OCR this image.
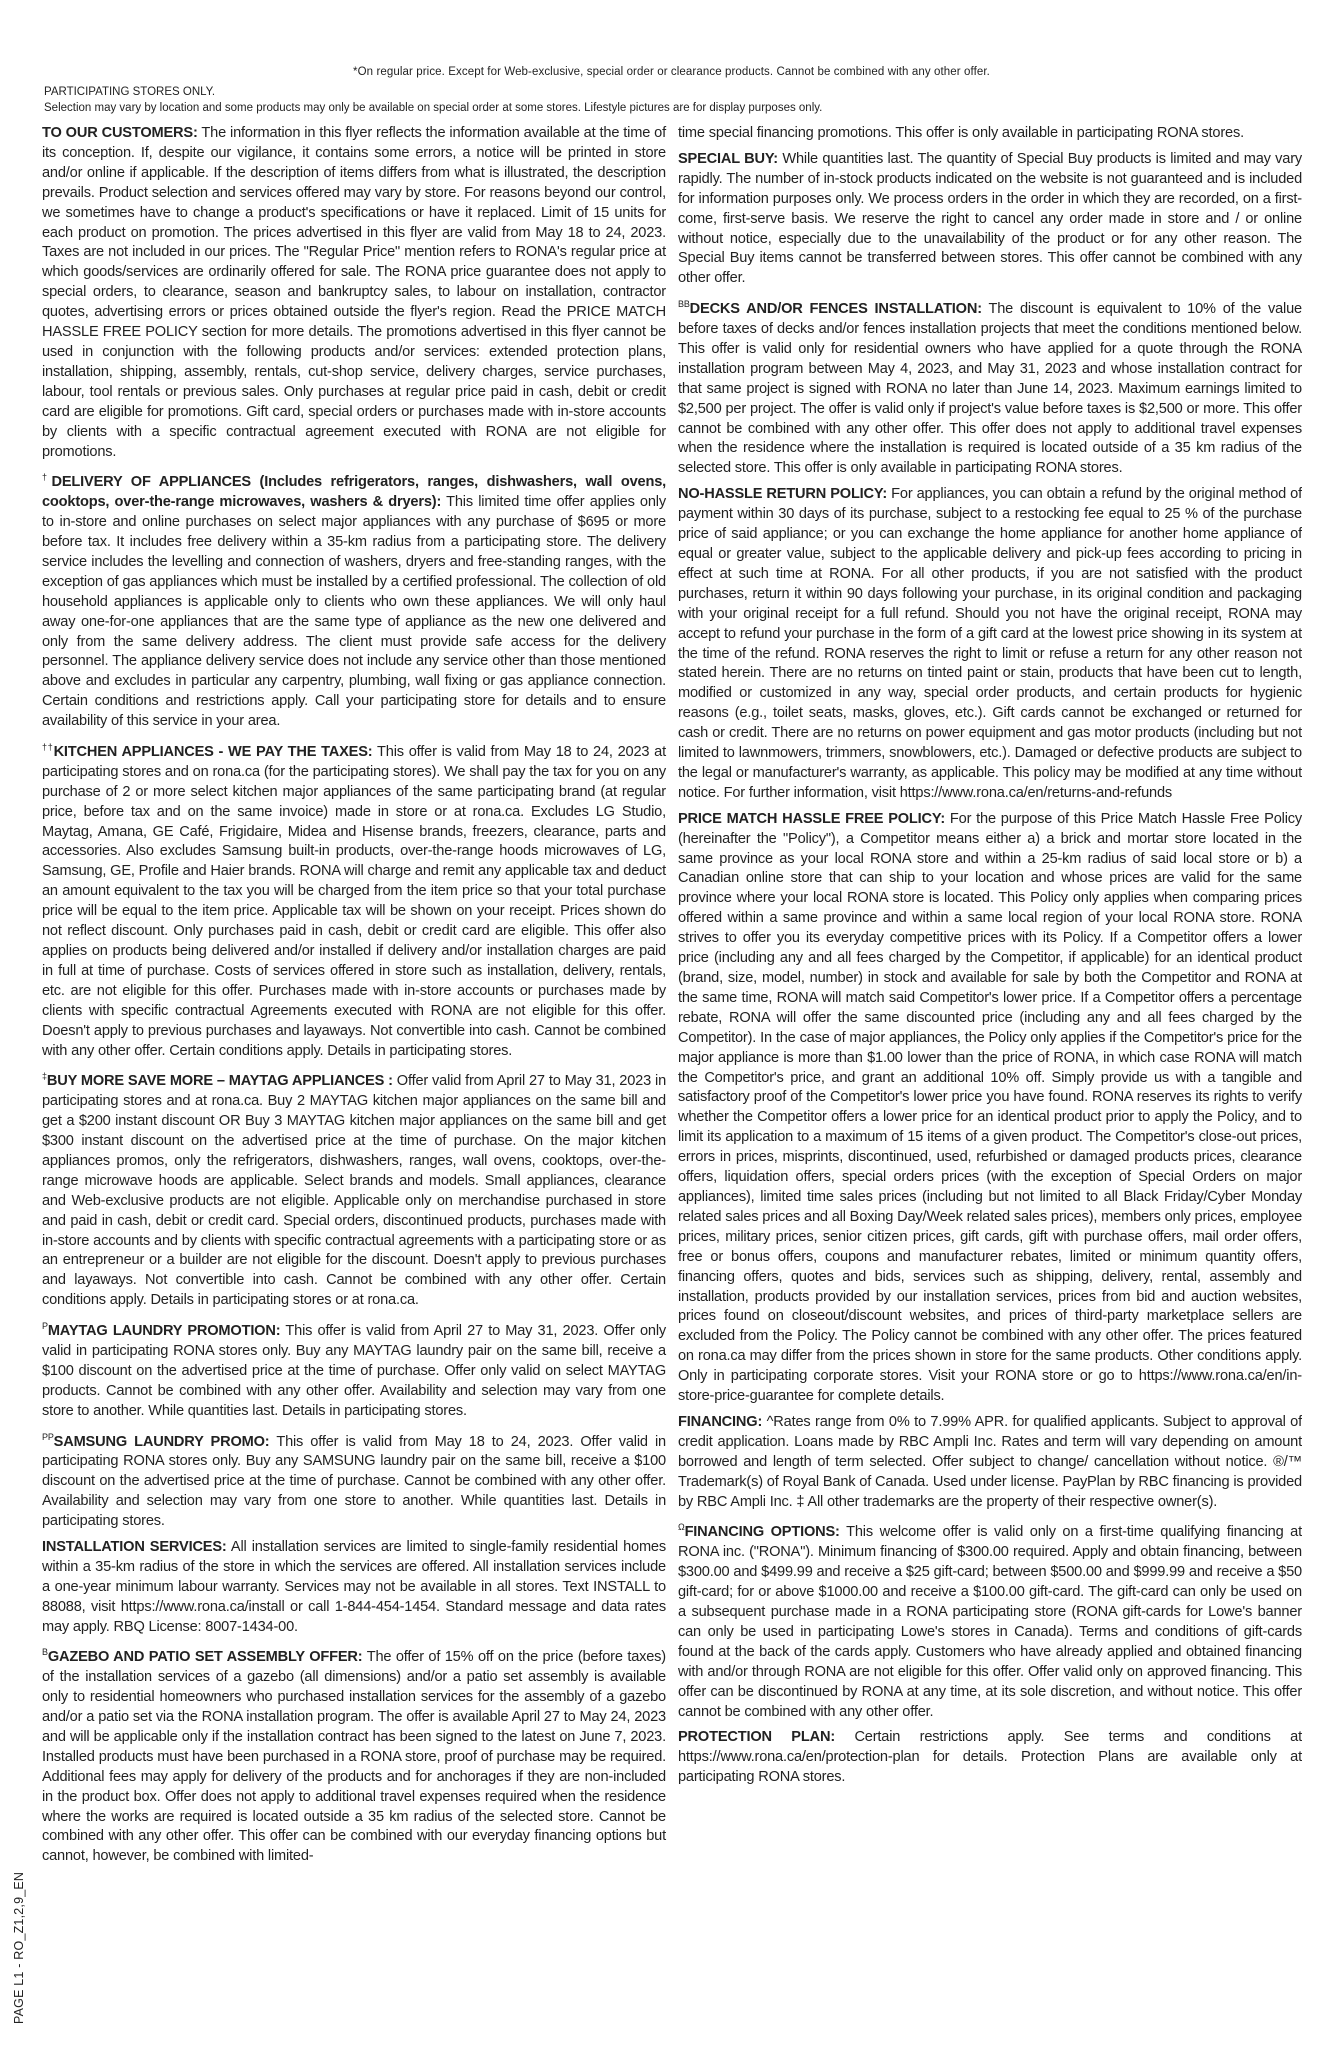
*On regular price. Except for Web-exclusive, special order or clearance products. Cannot be combined with any other offer.
PARTICIPATING STORES ONLY.
Selection may vary by location and some products may only be available on special order at some stores. Lifestyle pictures are for display purposes only.

TO OUR CUSTOMERS: The information in this flyer reflects the information available at the time of its conception. If, despite our vigilance, it contains some errors, a notice will be printed in store and/or online if applicable. If the description of items differs from what is illustrated, the description prevails. Product selection and services offered may vary by store. For reasons beyond our control, we sometimes have to change a product's specifications or have it replaced. Limit of 15 units for each product on promotion. The prices advertised in this flyer are valid from May 18 to 24, 2023. Taxes are not included in our prices. The "Regular Price" mention refers to RONA's regular price at which goods/services are ordinarily offered for sale. The RONA price guarantee does not apply to special orders, to clearance, season and bankruptcy sales, to labour on installation, contractor quotes, advertising errors or prices obtained outside the flyer's region. Read the PRICE MATCH HASSLE FREE POLICY section for more details. The promotions advertised in this flyer cannot be used in conjunction with the following products and/or services: extended protection plans, installation, shipping, assembly, rentals, cut-shop service, delivery charges, service purchases, labour, tool rentals or previous sales. Only purchases at regular price paid in cash, debit or credit card are eligible for promotions. Gift card, special orders or purchases made with in-store accounts by clients with a specific contractual agreement executed with RONA are not eligible for promotions.

†DELIVERY OF APPLIANCES (Includes refrigerators, ranges, dishwashers, wall ovens, cooktops, over-the-range microwaves, washers & dryers): This limited time offer applies only to in-store and online purchases on select major appliances with any purchase of $695 or more before tax. It includes free delivery within a 35-km radius from a participating store. The delivery service includes the levelling and connection of washers, dryers and free-standing ranges, with the exception of gas appliances which must be installed by a certified professional. The collection of old household appliances is applicable only to clients who own these appliances. We will only haul away one-for-one appliances that are the same type of appliance as the new one delivered and only from the same delivery address. The client must provide safe access for the delivery personnel. The appliance delivery service does not include any service other than those mentioned above and excludes in particular any carpentry, plumbing, wall fixing or gas appliance connection. Certain conditions and restrictions apply. Call your participating store for details and to ensure availability of this service in your area.

††KITCHEN APPLIANCES - WE PAY THE TAXES: This offer is valid from May 18 to 24, 2023 at participating stores and on rona.ca (for the participating stores). We shall pay the tax for you on any purchase of 2 or more select kitchen major appliances of the same participating brand (at regular price, before tax and on the same invoice) made in store or at rona.ca. Excludes LG Studio, Maytag, Amana, GE Café, Frigidaire, Midea and Hisense brands, freezers, clearance, parts and accessories. Also excludes Samsung built-in products, over-the-range hoods microwaves of LG, Samsung, GE, Profile and Haier brands. RONA will charge and remit any applicable tax and deduct an amount equivalent to the tax you will be charged from the item price so that your total purchase price will be equal to the item price. Applicable tax will be shown on your receipt. Prices shown do not reflect discount. Only purchases paid in cash, debit or credit card are eligible. This offer also applies on products being delivered and/or installed if delivery and/or installation charges are paid in full at time of purchase. Costs of services offered in store such as installation, delivery, rentals, etc. are not eligible for this offer. Purchases made with in-store accounts or purchases made by clients with specific contractual Agreements executed with RONA are not eligible for this offer. Doesn't apply to previous purchases and layaways. Not convertible into cash. Cannot be combined with any other offer. Certain conditions apply. Details in participating stores.

‡BUY MORE SAVE MORE – MAYTAG APPLIANCES : Offer valid from April 27 to May 31, 2023 in participating stores and at rona.ca. Buy 2 MAYTAG kitchen major appliances on the same bill and get a $200 instant discount OR Buy 3 MAYTAG kitchen major appliances on the same bill and get $300 instant discount on the advertised price at the time of purchase. On the major kitchen appliances promos, only the refrigerators, dishwashers, ranges, wall ovens, cooktops, over-the-range microwave hoods are applicable. Select brands and models. Small appliances, clearance and Web-exclusive products are not eligible. Applicable only on merchandise purchased in store and paid in cash, debit or credit card. Special orders, discontinued products, purchases made with in-store accounts and by clients with specific contractual agreements with a participating store or as an entrepreneur or a builder are not eligible for the discount. Doesn't apply to previous purchases and layaways. Not convertible into cash. Cannot be combined with any other offer. Certain conditions apply. Details in participating stores or at rona.ca.

$^P$MAYTAG LAUNDRY PROMOTION: This offer is valid from April 27 to May 31, 2023. Offer only valid in participating RONA stores only. Buy any MAYTAG laundry pair on the same bill, receive a $100 discount on the advertised price at the time of purchase. Offer only valid on select MAYTAG products. Cannot be combined with any other offer. Availability and selection may vary from one store to another. While quantities last. Details in participating stores.

$^{PP}$SAMSUNG LAUNDRY PROMO: This offer is valid from May 18 to 24, 2023. Offer valid in participating RONA stores only. Buy any SAMSUNG laundry pair on the same bill, receive a $100 discount on the advertised price at the time of purchase. Cannot be combined with any other offer. Availability and selection may vary from one store to another. While quantities last. Details in participating stores.

INSTALLATION SERVICES: All installation services are limited to single-family residential homes within a 35-km radius of the store in which the services are offered. All installation services include a one-year minimum labour warranty. Services may not be available in all stores. Text INSTALL to 88088, visit https://www.rona.ca/install or call 1-844-454-1454. Standard message and data rates may apply. RBQ License: 8007-1434-00.

$^B$GAZEBO AND PATIO SET ASSEMBLY OFFER: The offer of 15% off on the price (before taxes) of the installation services of a gazebo (all dimensions) and/or a patio set assembly is available only to residential homeowners who purchased installation services for the assembly of a gazebo and/or a patio set via the RONA installation program. The offer is available April 27 to May 24, 2023 and will be applicable only if the installation contract has been signed to the latest on June 7, 2023. Installed products must have been purchased in a RONA store, proof of purchase may be required. Additional fees may apply for delivery of the products and for anchorages if they are non-included in the product box. Offer does not apply to additional travel expenses required when the residence where the works are required is located outside a 35 km radius of the selected store. Cannot be combined with any other offer. This offer can be combined with our everyday financing options but cannot, however, be combined with limited-

time special financing promotions. This offer is only available in participating RONA stores.

SPECIAL BUY: While quantities last. The quantity of Special Buy products is limited and may vary rapidly. The number of in-stock products indicated on the website is not guaranteed and is included for information purposes only. We process orders in the order in which they are recorded, on a first-come, first-serve basis. We reserve the right to cancel any order made in store and / or online without notice, especially due to the unavailability of the product or for any other reason. The Special Buy items cannot be transferred between stores. This offer cannot be combined with any other offer.

$^{BB}$DECKS AND/OR FENCES INSTALLATION: The discount is equivalent to 10% of the value before taxes of decks and/or fences installation projects that meet the conditions mentioned below. This offer is valid only for residential owners who have applied for a quote through the RONA installation program between May 4, 2023, and May 31, 2023 and whose installation contract for that same project is signed with RONA no later than June 14, 2023. Maximum earnings limited to $2,500 per project. The offer is valid only if project's value before taxes is $2,500 or more. This offer cannot be combined with any other offer. This offer does not apply to additional travel expenses when the residence where the installation is required is located outside of a 35 km radius of the selected store. This offer is only available in participating RONA stores.

NO-HASSLE RETURN POLICY: For appliances, you can obtain a refund by the original method of payment within 30 days of its purchase, subject to a restocking fee equal to 25 % of the purchase price of said appliance; or you can exchange the home appliance for another home appliance of equal or greater value, subject to the applicable delivery and pick-up fees according to pricing in effect at such time at RONA. For all other products, if you are not satisfied with the product purchases, return it within 90 days following your purchase, in its original condition and packaging with your original receipt for a full refund. Should you not have the original receipt, RONA may accept to refund your purchase in the form of a gift card at the lowest price showing in its system at the time of the refund. RONA reserves the right to limit or refuse a return for any other reason not stated herein. There are no returns on tinted paint or stain, products that have been cut to length, modified or customized in any way, special order products, and certain products for hygienic reasons (e.g., toilet seats, masks, gloves, etc.). Gift cards cannot be exchanged or returned for cash or credit. There are no returns on power equipment and gas motor products (including but not limited to lawnmowers, trimmers, snowblowers, etc.). Damaged or defective products are subject to the legal or manufacturer's warranty, as applicable. This policy may be modified at any time without notice. For further information, visit https://www.rona.ca/en/returns-and-refunds

PRICE MATCH HASSLE FREE POLICY: For the purpose of this Price Match Hassle Free Policy (hereinafter the "Policy"), a Competitor means either a) a brick and mortar store located in the same province as your local RONA store and within a 25-km radius of said local store or b) a Canadian online store that can ship to your location and whose prices are valid for the same province where your local RONA store is located. This Policy only applies when comparing prices offered within a same province and within a same local region of your local RONA store. RONA strives to offer you its everyday competitive prices with its Policy. If a Competitor offers a lower price (including any and all fees charged by the Competitor, if applicable) for an identical product (brand, size, model, number) in stock and available for sale by both the Competitor and RONA at the same time, RONA will match said Competitor's lower price. If a Competitor offers a percentage rebate, RONA will offer the same discounted price (including any and all fees charged by the Competitor). In the case of major appliances, the Policy only applies if the Competitor's price for the major appliance is more than $1.00 lower than the price of RONA, in which case RONA will match the Competitor's price, and grant an additional 10% off. Simply provide us with a tangible and satisfactory proof of the Competitor's lower price you have found. RONA reserves its rights to verify whether the Competitor offers a lower price for an identical product prior to apply the Policy, and to limit its application to a maximum of 15 items of a given product. The Competitor's close-out prices, errors in prices, misprints, discontinued, used, refurbished or damaged products prices, clearance offers, liquidation offers, special orders prices (with the exception of Special Orders on major appliances), limited time sales prices (including but not limited to all Black Friday/Cyber Monday related sales prices and all Boxing Day/Week related sales prices), members only prices, employee prices, military prices, senior citizen prices, gift cards, gift with purchase offers, mail order offers, free or bonus offers, coupons and manufacturer rebates, limited or minimum quantity offers, financing offers, quotes and bids, services such as shipping, delivery, rental, assembly and installation, products provided by our installation services, prices from bid and auction websites, prices found on closeout/discount websites, and prices of third-party marketplace sellers are excluded from the Policy. The Policy cannot be combined with any other offer. The prices featured on rona.ca may differ from the prices shown in store for the same products. Other conditions apply. Only in participating corporate stores. Visit your RONA store or go to https://www.rona.ca/en/in-store-price-guarantee for complete details.

FINANCING: ^Rates range from 0% to 7.99% APR. for qualified applicants. Subject to approval of credit application. Loans made by RBC Ampli Inc. Rates and term will vary depending on amount borrowed and length of term selected. Offer subject to change/ cancellation without notice. ®/™ Trademark(s) of Royal Bank of Canada. Used under license. PayPlan by RBC financing is provided by RBC Ampli Inc. ‡ All other trademarks are the property of their respective owner(s).

$^\Omega$FINANCING OPTIONS: This welcome offer is valid only on a first-time qualifying financing at RONA inc. ("RONA"). Minimum financing of $300.00 required. Apply and obtain financing, between $300.00 and $499.99 and receive a $25 gift-card; between $500.00 and $999.99 and receive a $50 gift-card; for or above $1000.00 and receive a $100.00 gift-card. The gift-card can only be used on a subsequent purchase made in a RONA participating store (RONA gift-cards for Lowe's banner can only be used in participating Lowe's stores in Canada). Terms and conditions of gift-cards found at the back of the cards apply. Customers who have already applied and obtained financing with and/or through RONA are not eligible for this offer. Offer valid only on approved financing. This offer can be discontinued by RONA at any time, at its sole discretion, and without notice. This offer cannot be combined with any other offer.

PROTECTION PLAN: Certain restrictions apply. See terms and conditions at https://www.rona.ca/en/protection-plan for details. Protection Plans are available only at participating RONA stores.

PAGE L1 - RO_Z1,2,9_EN
